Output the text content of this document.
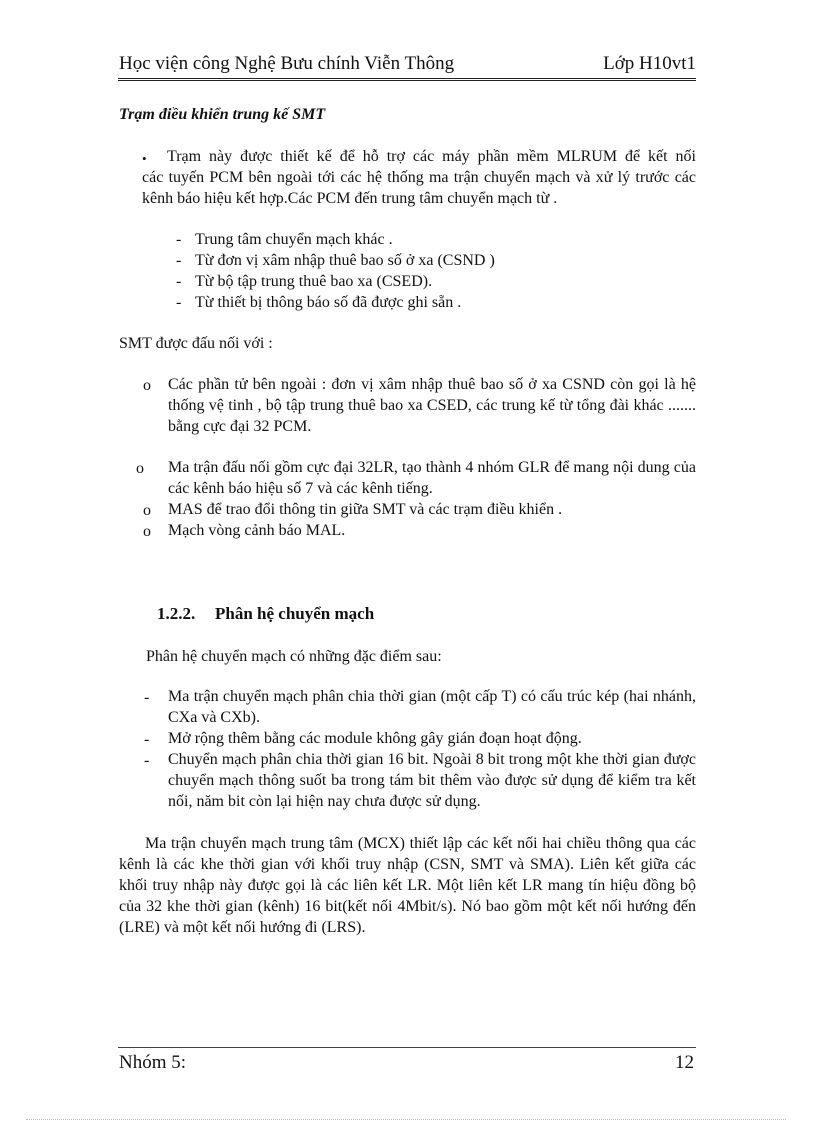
Học viện công Nghệ Bưu chính Viễn Thông	Lớp H10vt1
Trạm điều khiển trung kế SMT
• Trạm này được thiết kế để hỗ trợ các máy phần mềm MLRUM để kết nối
các tuyến PCM bên ngoài tới các hệ thống ma trận chuyển mạch và xử lý trước các kênh báo hiệu kết hợp.Các PCM đến trung tâm chuyển mạch từ .
- Trung tâm chuyển mạch khác .
- Từ đơn vị xâm nhập thuê bao số ở xa (CSND )
- Từ bộ tập trung thuê bao xa (CSED).
- Từ thiết bị thông báo số đã được ghi sẵn .
SMT được đấu nối với :
o Các phần tử bên ngoài : đơn vị xâm nhập thuê bao số ở xa CSND còn gọi là hệ thống vệ tinh , bộ tập trung thuê bao xa CSED, các trung kế từ tổng đài khác ....... bằng cực đại 32 PCM.
o Ma trận đấu nối gồm cực đại 32LR, tạo thành 4 nhóm GLR để mang nội dung của các kênh báo hiệu số 7 và các kênh tiếng.
o MAS để trao đổi thông tin giữa SMT và các trạm điều khiển .
o Mạch vòng cảnh báo MAL.
1.2.2. Phân hệ chuyển mạch
Phân hệ chuyển mạch có những đặc điểm sau:
- Ma trận chuyển mạch phân chia thời gian (một cấp T) có cấu trúc kép (hai nhánh, CXa và CXb).
- Mở rộng thêm bằng các module không gây gián đoạn hoạt động.
- Chuyển mạch phân chia thời gian 16 bit. Ngoài 8 bit trong một khe thời gian được chuyển mạch thông suốt ba trong tám bit thêm vào được sử dụng để kiểm tra kết nối, năm bit còn lại hiện nay chưa được sử dụng.
Ma trận chuyển mạch trung tâm (MCX) thiết lập các kết nối hai chiều thông qua các kênh là các khe thời gian với khối truy nhập (CSN, SMT và SMA). Liên kết giữa các khối truy nhập này được gọi là các liên kết LR. Một liên kết LR mang tín hiệu đồng bộ của 32 khe thời gian (kênh) 16 bit(kết nối 4Mbit/s). Nó bao gồm một kết nối hướng đến (LRE) và một kết nối hướng đi (LRS).
Nhóm 5:	12
